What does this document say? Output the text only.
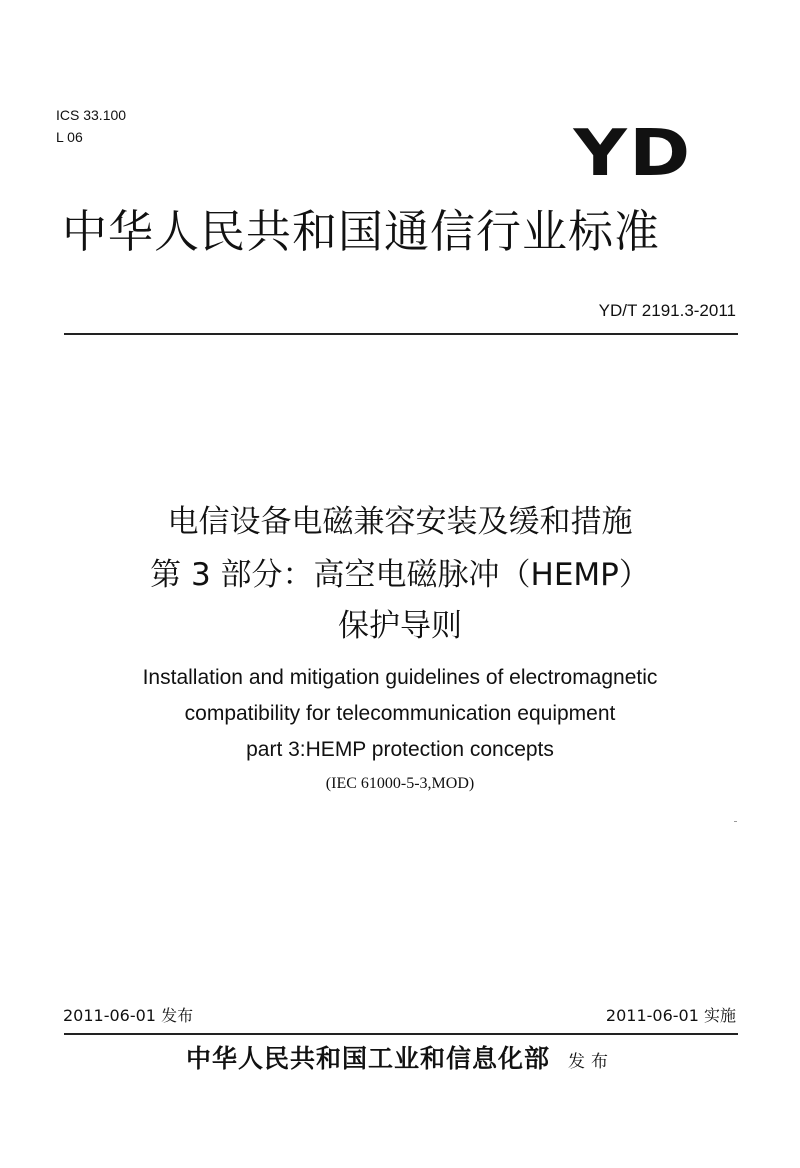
ICS 33.100
L 06	YD
中华人民共和国通信行业标准
YD/T 2191.3-2011
电信设备电磁兼容安装及缓和措施
第 3 部分：高空电磁脉冲（HEMP）
保护导则
Installation and mitigation guidelines of electromagnetic
compatibility for telecommunication equipment
part 3:HEMP protection concepts
(IEC 61000-5-3,MOD)
2011-06-01 发布	2011-06-01 实施
中华人民共和国工业和信息化部 发布
